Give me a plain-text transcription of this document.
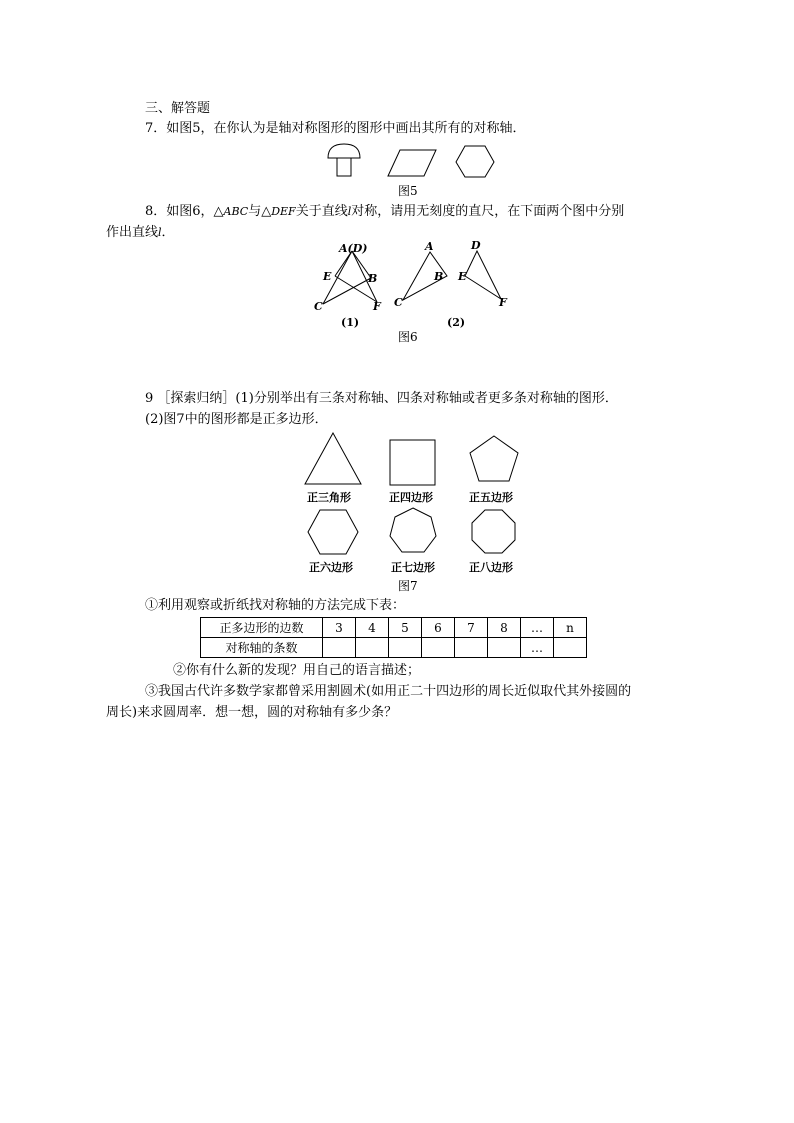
三、解答题
7．如图5，在你认为是轴对称图形的图形中画出其所有的对称轴．
图5
8．如图6，△ABC与△DEF关于直线l对称，请用无刻度的直尺，在下面两个图中分别
作出直线l．
A(D)
E	B
C	F
(1)
A
B
C
D
E
F
(2)
图6
9 ［探索归纳］(1)分别举出有三条对称轴、四条对称轴或者更多条对称轴的图形．
(2)图7中的图形都是正多边形．
正三角形	正四边形	正五边形
正六边形	正七边形	正八边形
图7
①利用观察或折纸找对称轴的方法完成下表：
正多边形的边数	3	4	5	6	7	8	…	n
对称轴的条数							…	
②你有什么新的发现？用自己的语言描述；
③我国古代许多数学家都曾采用割圆术(如用正二十四边形的周长近似取代其外接圆的
周长)来求圆周率．想一想，圆的对称轴有多少条？
